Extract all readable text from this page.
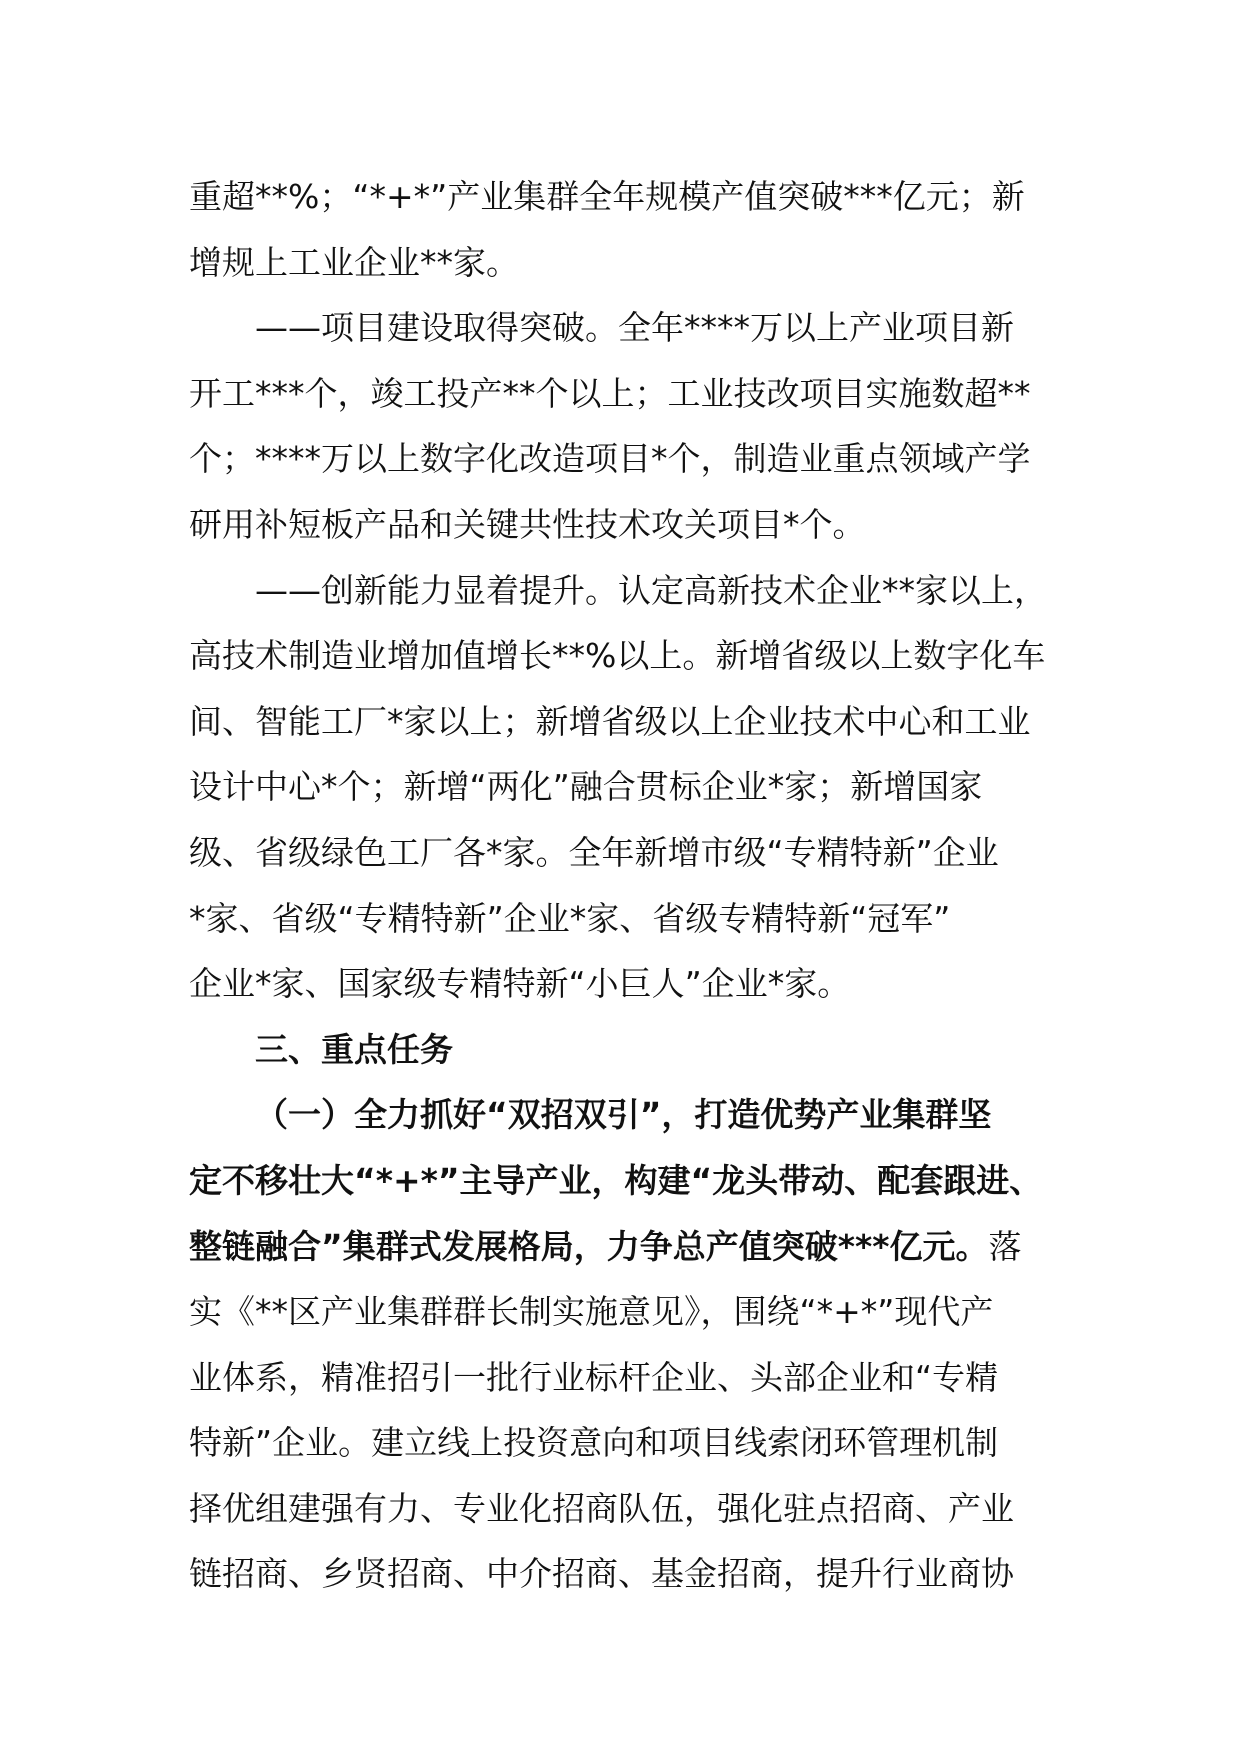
重超**%；“*+*”产业集群全年规模产值突破***亿元；新
增规上工业企业**家。
——项目建设取得突破。全年****万以上产业项目新
开工***个，竣工投产**个以上；工业技改项目实施数超**
个；****万以上数字化改造项目*个，制造业重点领域产学
研用补短板产品和关键共性技术攻关项目*个。
——创新能力显着提升。认定高新技术企业**家以上，
高技术制造业增加值增长**%以上。新增省级以上数字化车
间、智能工厂*家以上；新增省级以上企业技术中心和工业
设计中心*个；新增“两化”融合贯标企业*家；新增国家
级、省级绿色工厂各*家。全年新增市级“专精特新”企业
*家、省级“专精特新”企业*家、省级专精特新“冠军”
企业*家、国家级专精特新“小巨人”企业*家。
三、重点任务
（一）全力抓好“双招双引”，打造优势产业集群坚
定不移壮大“*+*”主导产业，构建“龙头带动、配套跟进、
整链融合”集群式发展格局，力争总产值突破***亿元。落
实《**区产业集群群长制实施意见》，围绕“*+*”现代产
业体系，精准招引一批行业标杆企业、头部企业和“专精
特新”企业。建立线上投资意向和项目线索闭环管理机制
择优组建强有力、专业化招商队伍，强化驻点招商、产业
链招商、乡贤招商、中介招商、基金招商，提升行业商协
